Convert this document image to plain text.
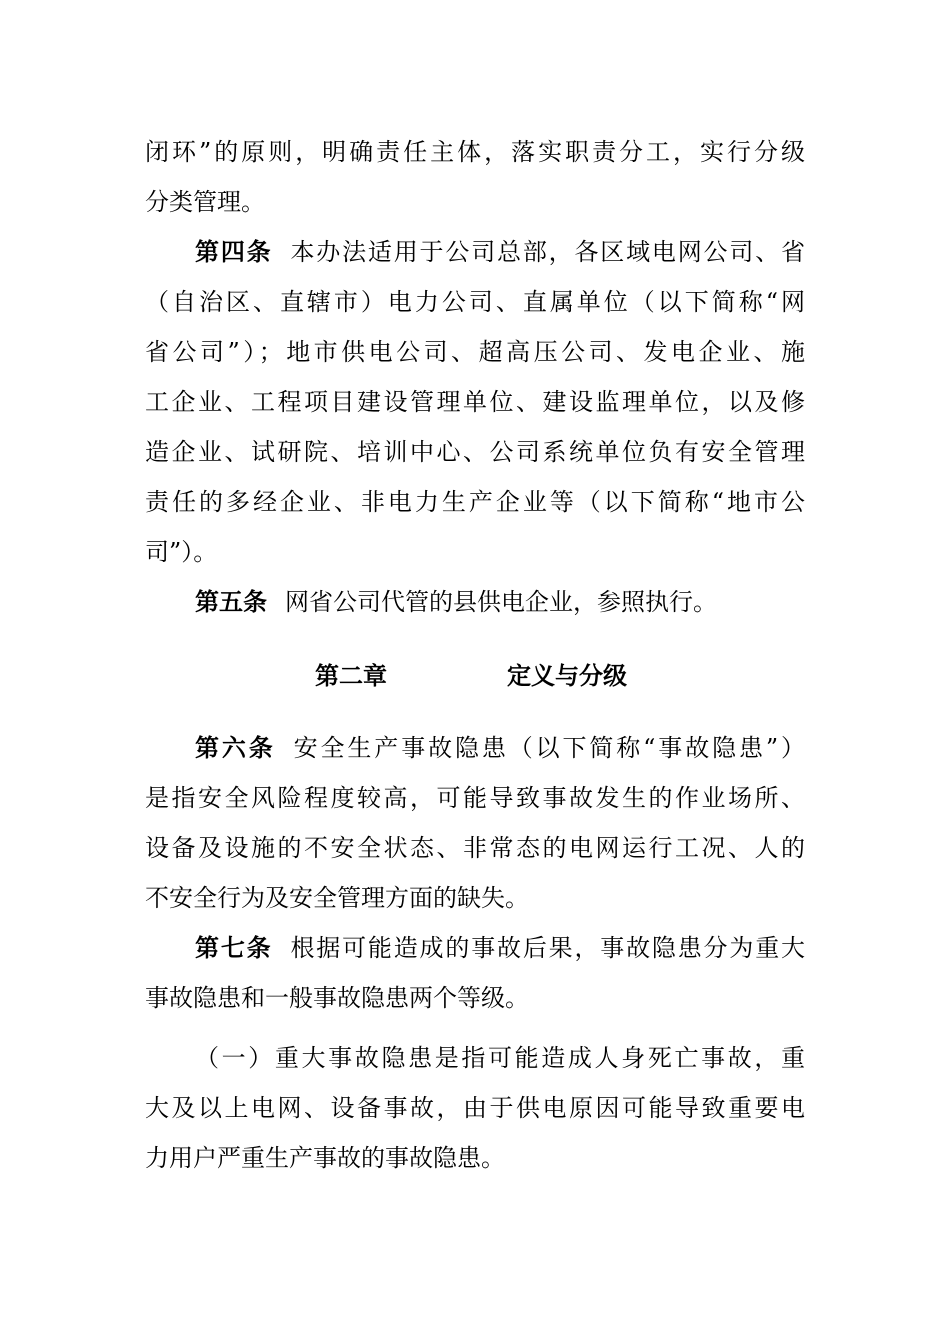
闭环”的原则，明确责任主体，落实职责分工，实行分级
分类管理。
第四条 本办法适用于公司总部，各区域电网公司、省
（自治区、直辖市）电力公司、直属单位（以下简称“网
省公司”）；地市供电公司、超高压公司、发电企业、施
工企业、工程项目建设管理单位、建设监理单位，以及修
造企业、试研院、培训中心、公司系统单位负有安全管理
责任的多经企业、非电力生产企业等（以下简称“地市公
司”）。
第五条 网省公司代管的县供电企业，参照执行。
第二章	定义与分级
第六条 安全生产事故隐患（以下简称“事故隐患”）
是指安全风险程度较高，可能导致事故发生的作业场所、
设备及设施的不安全状态、非常态的电网运行工况、人的
不安全行为及安全管理方面的缺失。
第七条 根据可能造成的事故后果，事故隐患分为重大
事故隐患和一般事故隐患两个等级。
（一）重大事故隐患是指可能造成人身死亡事故，重
大及以上电网、设备事故，由于供电原因可能导致重要电
力用户严重生产事故的事故隐患。
